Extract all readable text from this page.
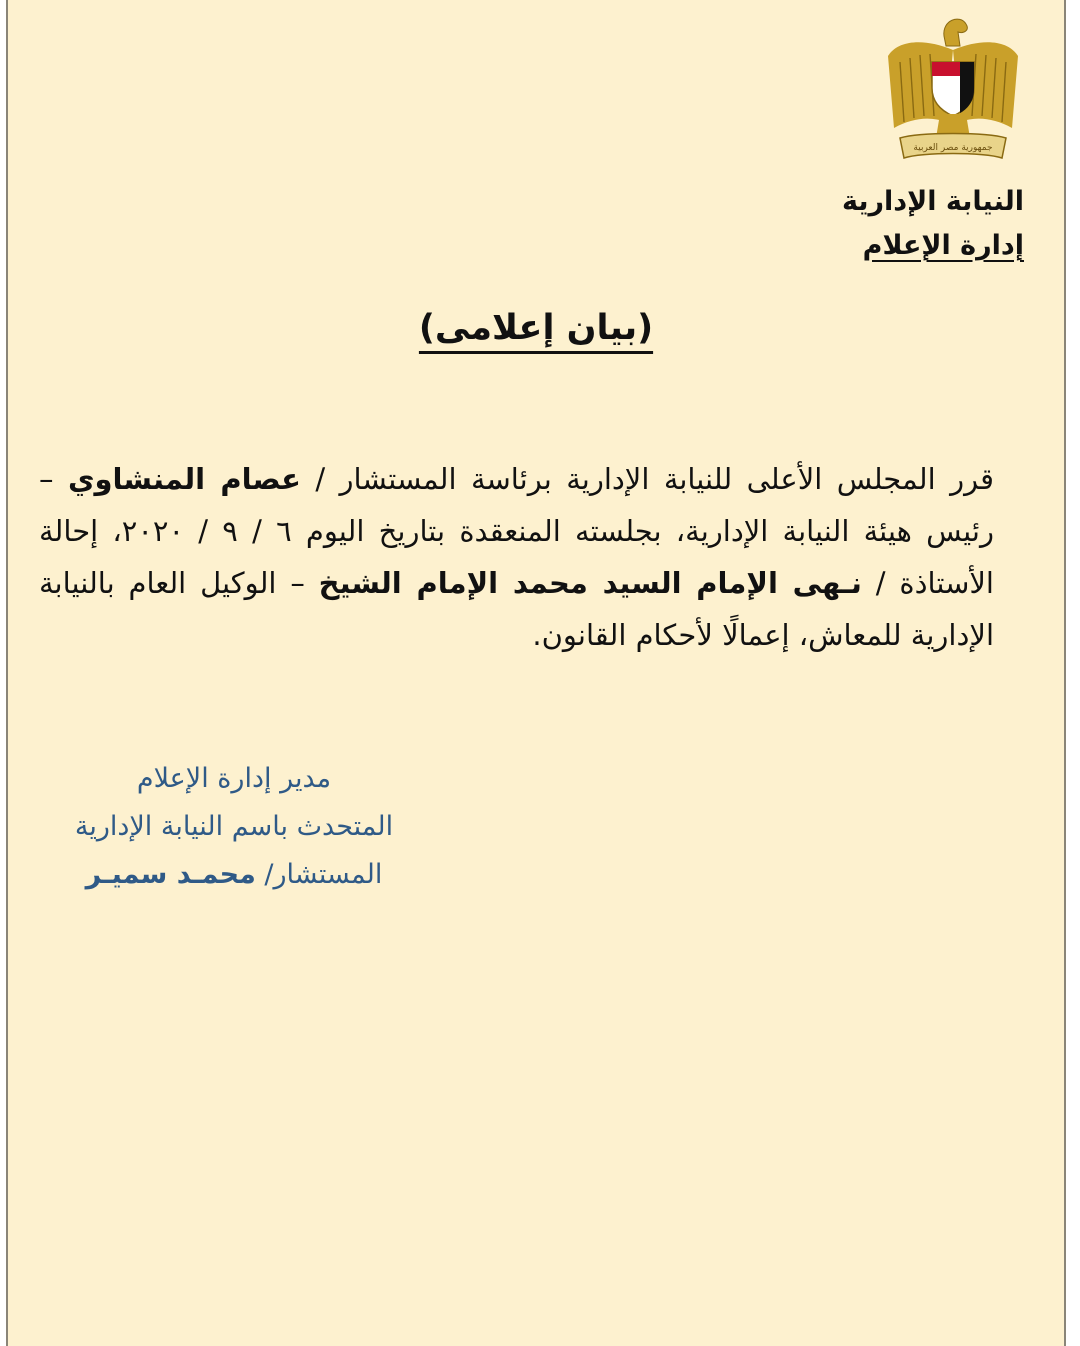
جمهورية مصر العربية
النيابة الإدارية
إدارة الإعلام
(بيان إعلامى)

قرر المجلس الأعلى للنيابة الإدارية برئاسة المستشار / عصام المنشاوي – رئيس هيئة النيابة الإدارية، بجلسته المنعقدة بتاريخ اليوم ٦ / ٩ / ٢٠٢٠، إحالة الأستاذة / نـهى الإمام السيد محمد الإمام الشيخ – الوكيل العام بالنيابة الإدارية للمعاش، إعمالًا لأحكام القانون.

مدير إدارة الإعلام
المتحدث باسم النيابة الإدارية
المستشار/ محمـد سميـر
